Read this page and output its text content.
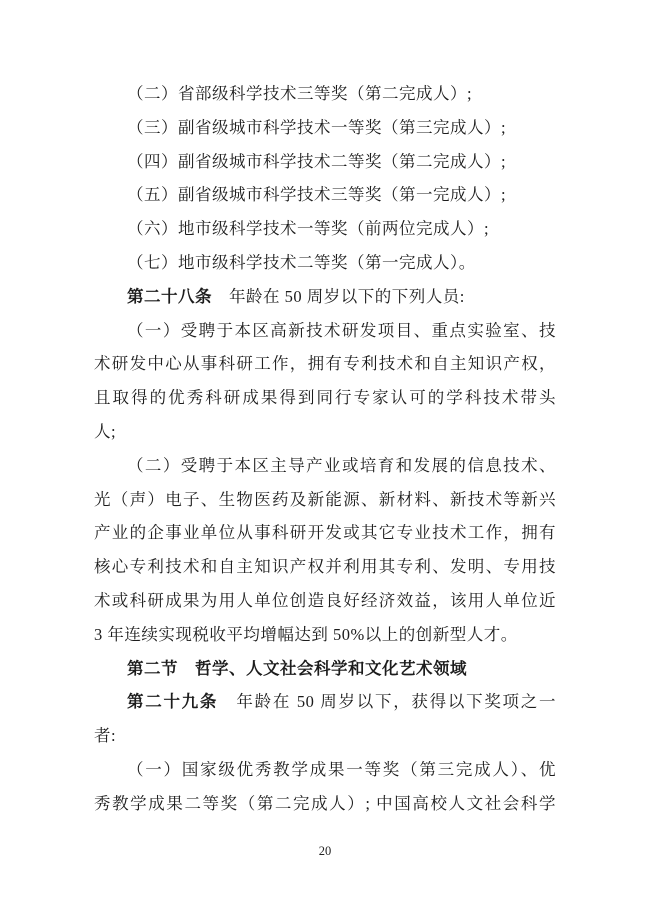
（二）省部级科学技术三等奖（第二完成人）;
（三）副省级城市科学技术一等奖（第三完成人）;
（四）副省级城市科学技术二等奖（第二完成人）;
（五）副省级城市科学技术三等奖（第一完成人）;
（六）地市级科学技术一等奖（前两位完成人）;
（七）地市级科学技术二等奖（第一完成人）。
第二十八条　年龄在 50 周岁以下的下列人员:
（一）受聘于本区高新技术研发项目、重点实验室、技
术研发中心从事科研工作，拥有专利技术和自主知识产权，
且取得的优秀科研成果得到同行专家认可的学科技术带头
人;
（二）受聘于本区主导产业或培育和发展的信息技术、
光（声）电子、生物医药及新能源、新材料、新技术等新兴
产业的企事业单位从事科研开发或其它专业技术工作，拥有
核心专利技术和自主知识产权并利用其专利、发明、专用技
术或科研成果为用人单位创造良好经济效益，该用人单位近
3 年连续实现税收平均增幅达到 50%以上的创新型人才。
第二节　哲学、人文社会科学和文化艺术领域
第二十九条　年龄在 50 周岁以下，获得以下奖项之一
者:
（一）国家级优秀教学成果一等奖（第三完成人）、优
秀教学成果二等奖（第二完成人）; 中国高校人文社会科学
20
